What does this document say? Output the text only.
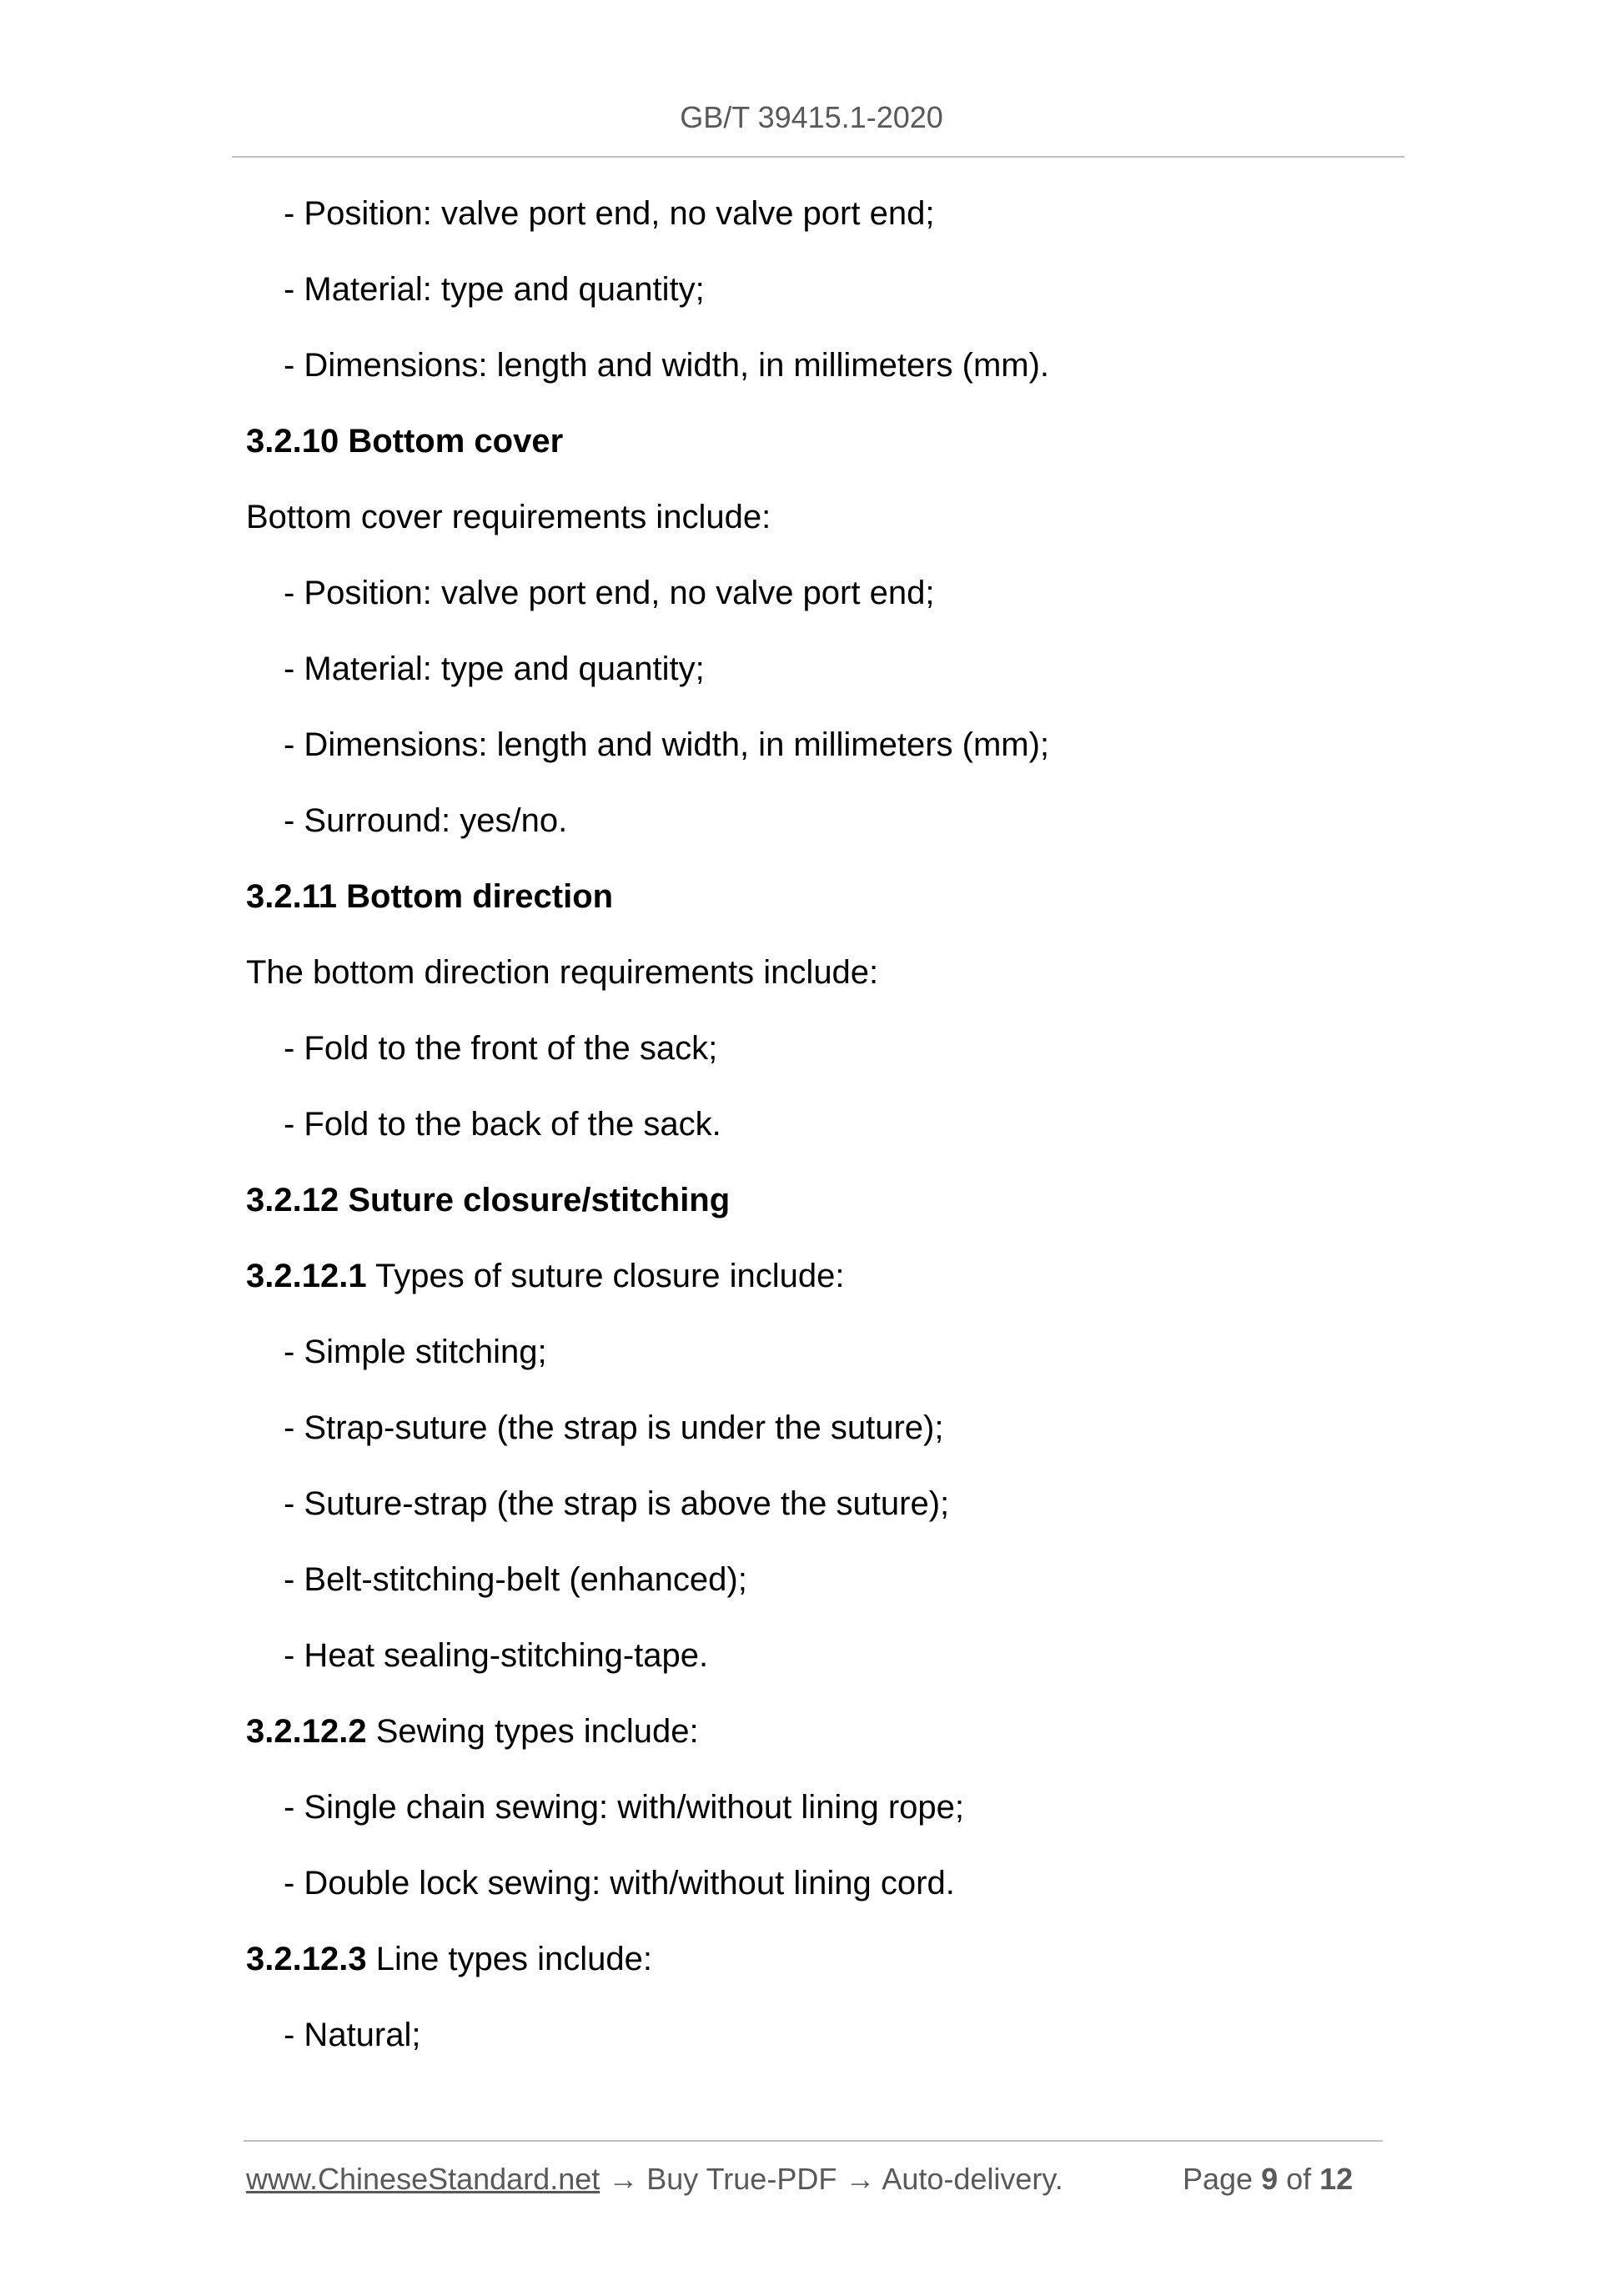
GB/T 39415.1-2020
- Position: valve port end, no valve port end;
- Material: type and quantity;
- Dimensions: length and width, in millimeters (mm).
3.2.10 Bottom cover
Bottom cover requirements include:
- Position: valve port end, no valve port end;
- Material: type and quantity;
- Dimensions: length and width, in millimeters (mm);
- Surround: yes/no.
3.2.11 Bottom direction
The bottom direction requirements include:
- Fold to the front of the sack;
- Fold to the back of the sack.
3.2.12 Suture closure/stitching
3.2.12.1 Types of suture closure include:
- Simple stitching;
- Strap-suture (the strap is under the suture);
- Suture-strap (the strap is above the suture);
- Belt-stitching-belt (enhanced);
- Heat sealing-stitching-tape.
3.2.12.2 Sewing types include:
- Single chain sewing: with/without lining rope;
- Double lock sewing: with/without lining cord.
3.2.12.3 Line types include:
- Natural;
www.ChineseStandard.net → Buy True-PDF → Auto-delivery.	Page 9 of 12
